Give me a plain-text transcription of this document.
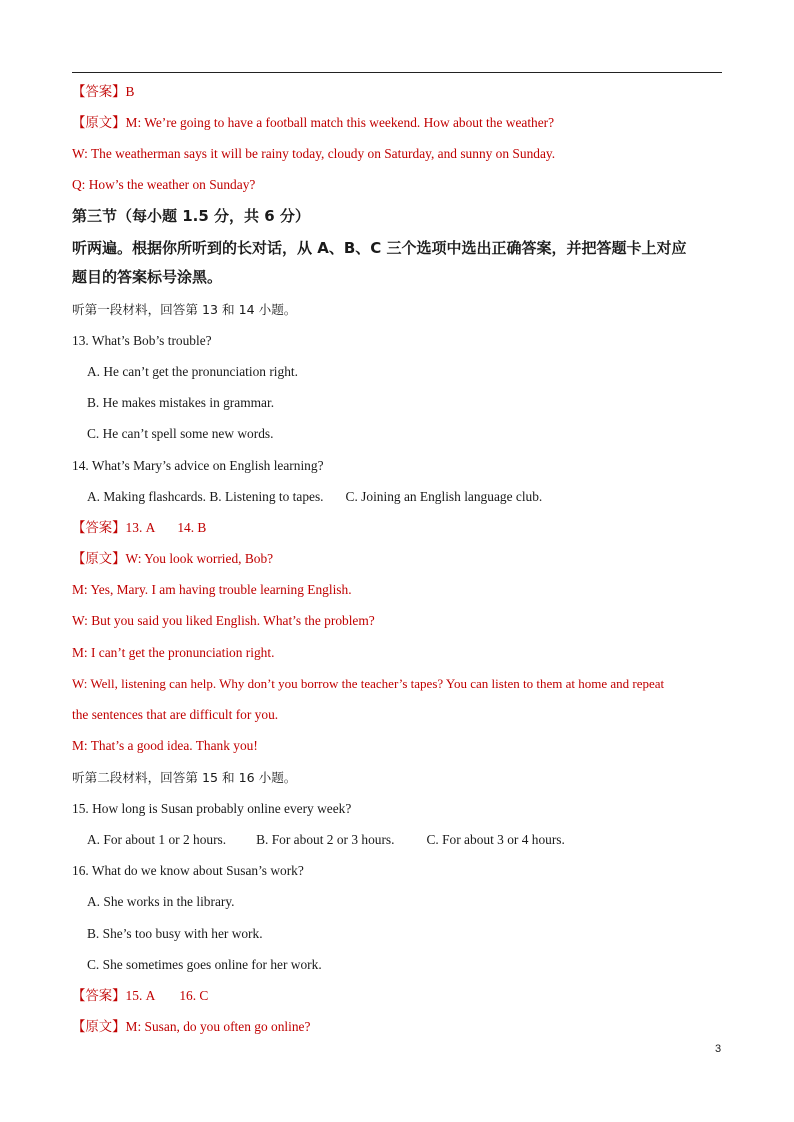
【答案】B
【原文】M: We’re going to have a football match this weekend. How about the weather?
W: The weatherman says it will be rainy today, cloudy on Saturday, and sunny on Sunday.
Q: How’s the weather on Sunday?
第三节（每小题 1.5 分，共 6 分）
听两遍。根据你所听到的长对话，从 A、B、C 三个选项中选出正确答案，并把答题卡上对应
题目的答案标号涂黑。
听第一段材料，回答第 13 和 14 小题。
13. What’s Bob’s trouble?
A. He can’t get the pronunciation right.
B. He makes mistakes in grammar.
C. He can’t spell some new words.
14. What’s Mary’s advice on English learning?
A. Making flashcards. B. Listening to tapes. C. Joining an English language club.
【答案】13. A 14. B
【原文】W: You look worried, Bob?
M: Yes, Mary. I am having trouble learning English.
W: But you said you liked English. What’s the problem?
M: I can’t get the pronunciation right.
W: Well, listening can help. Why don’t you borrow the teacher’s tapes? You can listen to them at home and repeat
the sentences that are difficult for you.
M: That’s a good idea. Thank you!
听第二段材料，回答第 15 和 16 小题。
15. How long is Susan probably online every week?
A. For about 1 or 2 hours. B. For about 2 or 3 hours. C. For about 3 or 4 hours.
16. What do we know about Susan’s work?
A. She works in the library.
B. She’s too busy with her work.
C. She sometimes goes online for her work.
【答案】15. A 16. C
【原文】M: Susan, do you often go online?
3
